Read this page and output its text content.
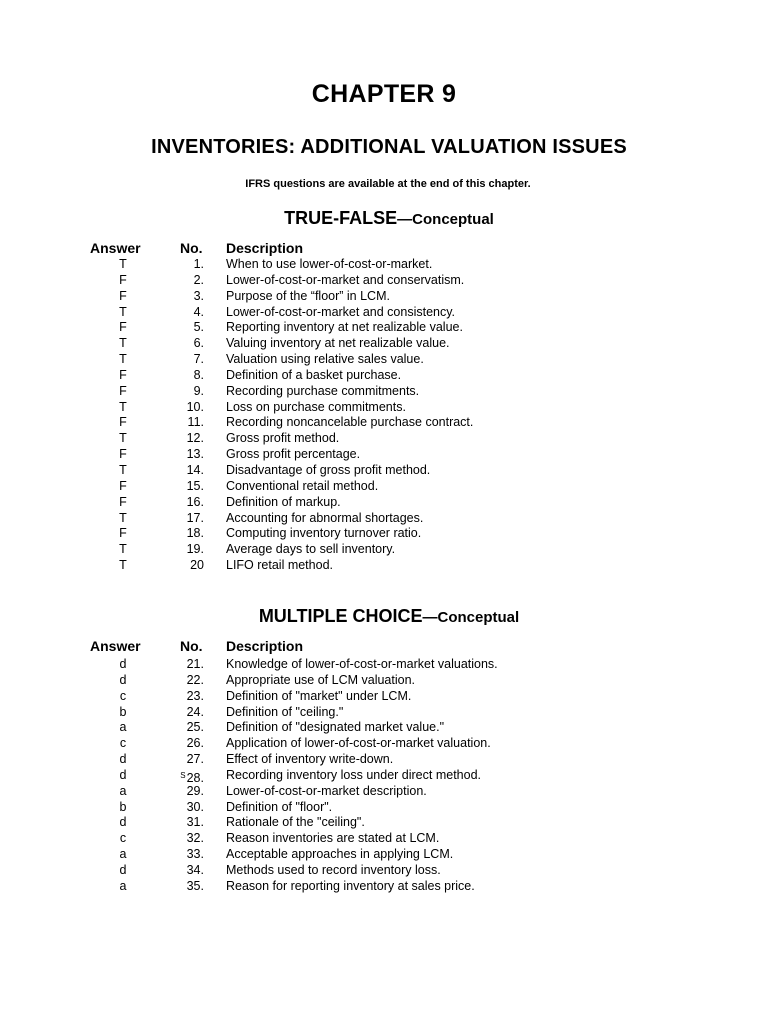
CHAPTER 9
INVENTORIES: ADDITIONAL VALUATION ISSUES
IFRS questions are available at the end of this chapter.
TRUE-FALSE—Conceptual
Answer	No. Description
T	1. When to use lower-of-cost-or-market.
F	2. Lower-of-cost-or-market and conservatism.
F	3. Purpose of the “floor” in LCM.
T	4. Lower-of-cost-or-market and consistency.
F	5. Reporting inventory at net realizable value.
T	6. Valuing inventory at net realizable value.
T	7. Valuation using relative sales value.
F	8. Definition of a basket purchase.
F	9. Recording purchase commitments.
T	10. Loss on purchase commitments.
F	11. Recording noncancelable purchase contract.
T	12. Gross profit method.
F	13. Gross profit percentage.
T	14. Disadvantage of gross profit method.
F	15. Conventional retail method.
F	16. Definition of markup.
T	17. Accounting for abnormal shortages.
F	18. Computing inventory turnover ratio.
T	19. Average days to sell inventory.
T	20 LIFO retail method.
MULTIPLE CHOICE—Conceptual
Answer	No. Description
d	21. Knowledge of lower-of-cost-or-market valuations.
d	22. Appropriate use of LCM valuation.
c	23. Definition of "market" under LCM.
b	24. Definition of "ceiling."
a	25. Definition of "designated market value."
c	26. Application of lower-of-cost-or-market valuation.
d	27. Effect of inventory write-down.
d	$^S$28. Recording inventory loss under direct method.
a	29. Lower-of-cost-or-market description.
b	30. Definition of "floor".
d	31. Rationale of the "ceiling".
c	32. Reason inventories are stated at LCM.
a	33. Acceptable approaches in applying LCM.
d	34. Methods used to record inventory loss.
a	35. Reason for reporting inventory at sales price.
